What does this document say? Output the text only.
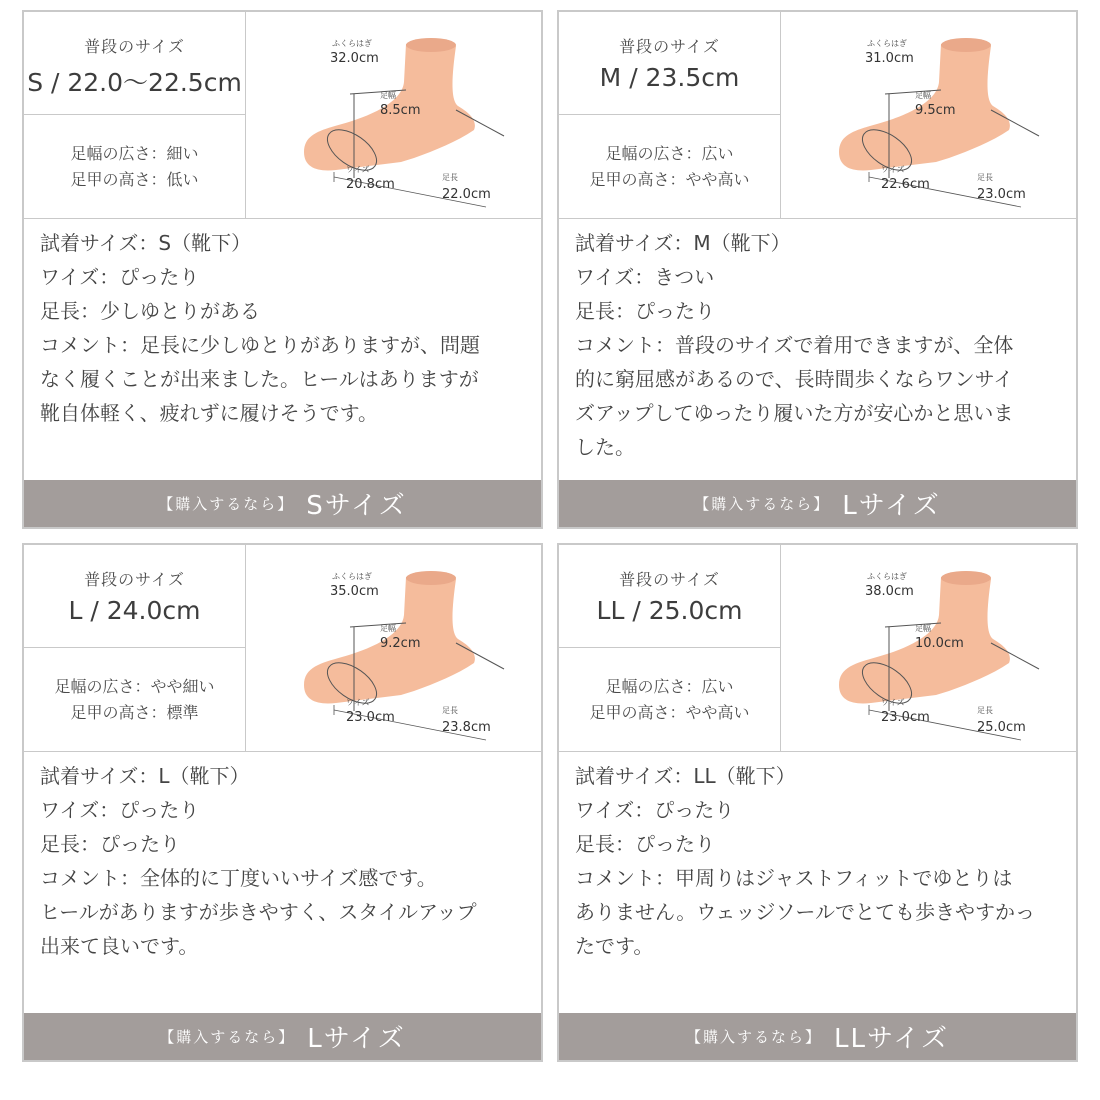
普段のサイズ
S / 22.0〜22.5cm
足幅の広さ：細い
足甲の高さ：低い
ふくらはぎ
32.0cm
足幅
8.5cm
ワイズ
20.8cm	足長
22.0cm
試着サイズ：S（靴下）
ワイズ：ぴったり
足長：少しゆとりがある
コメント：足長に少しゆとりがありますが、問題
なく履くことが出来ました。ヒールはありますが
靴自体軽く、疲れずに履けそうです。
【購入するなら】 Sサイズ
普段のサイズ
M / 23.5cm
足幅の広さ：広い
足甲の高さ：やや高い
ふくらはぎ
31.0cm
足幅
9.5cm
ワイズ
22.6cm	足長
23.0cm
試着サイズ：M（靴下）
ワイズ：きつい
足長：ぴったり
コメント：普段のサイズで着用できますが、全体
的に窮屈感があるので、長時間歩くならワンサイ
ズアップしてゆったり履いた方が安心かと思いま
した。
【購入するなら】 Lサイズ
普段のサイズ
L / 24.0cm
足幅の広さ：やや細い
足甲の高さ：標準
ふくらはぎ
35.0cm
足幅
9.2cm
ワイズ
23.0cm	足長
23.8cm
試着サイズ：L（靴下）
ワイズ：ぴったり
足長：ぴったり
コメント：全体的に丁度いいサイズ感です。
ヒールがありますが歩きやすく、スタイルアップ
出来て良いです。
【購入するなら】 Lサイズ
普段のサイズ
LL / 25.0cm
足幅の広さ：広い
足甲の高さ：やや高い
ふくらはぎ
38.0cm
足幅
10.0cm
ワイズ
23.0cm	足長
25.0cm
試着サイズ：LL（靴下）
ワイズ：ぴったり
足長：ぴったり
コメント：甲周りはジャストフィットでゆとりは
ありません。ウェッジソールでとても歩きやすかっ
たです。
【購入するなら】 LLサイズ
